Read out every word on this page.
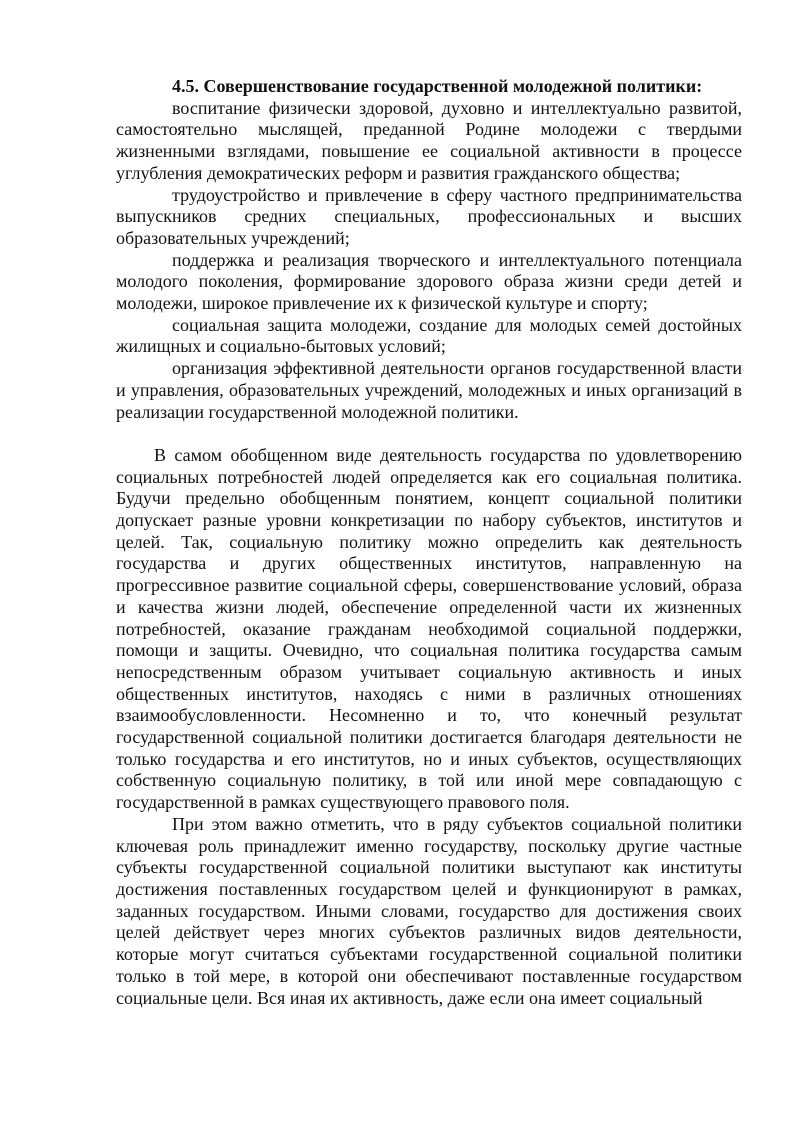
4.5. Совершенствование государственной молодежной политики:

воспитание физически здоровой, духовно и интеллектуально развитой, самостоятельно мыслящей, преданной Родине молодежи с твердыми жизненными взглядами, повышение ее социальной активности в процессе углубления демократических реформ и развития гражданского общества;

трудоустройство и привлечение в сферу частного предпринимательства выпускников средних специальных, профессиональных и высших образовательных учреждений;

поддержка и реализация творческого и интеллектуального потенциала молодого поколения, формирование здорового образа жизни среди детей и молодежи, широкое привлечение их к физической культуре и спорту;

социальная защита молодежи, создание для молодых семей достойных жилищных и социально-бытовых условий;

организация эффективной деятельности органов государственной власти и управления, образовательных учреждений, молодежных и иных организаций в реализации государственной молодежной политики.

В самом обобщенном виде деятельность государства по удовлетворению социальных потребностей людей определяется как его социальная политика. Будучи предельно обобщенным понятием, концепт социальной политики допускает разные уровни конкретизации по набору субъектов, институтов и целей. Так, социальную политику можно определить как деятельность государства и других общественных институтов, направленную на прогрессивное развитие социальной сферы, совершенствование условий, образа и качества жизни людей, обеспечение определенной части их жизненных потребностей, оказание гражданам необходимой социальной поддержки, помощи и защиты. Очевидно, что социальная политика государства самым непосредственным образом учитывает социальную активность и иных общественных институтов, находясь с ними в различных отношениях взаимообусловленности. Несомненно и то, что конечный результат государственной социальной политики достигается благодаря деятельности не только государства и его институтов, но и иных субъектов, осуществляющих собственную социальную политику, в той или иной мере совпадающую с государственной в рамках существующего правового поля.

При этом важно отметить, что в ряду субъектов социальной политики ключевая роль принадлежит именно государству, поскольку другие частные субъекты государственной социальной политики выступают как институты достижения поставленных государством целей и функционируют в рамках, заданных государством. Иными словами, государство для достижения своих целей действует через многих субъектов различных видов деятельности, которые могут считаться субъектами государственной социальной политики только в той мере, в которой они обеспечивают поставленные государством социальные цели. Вся иная их активность, даже если она имеет социальный
